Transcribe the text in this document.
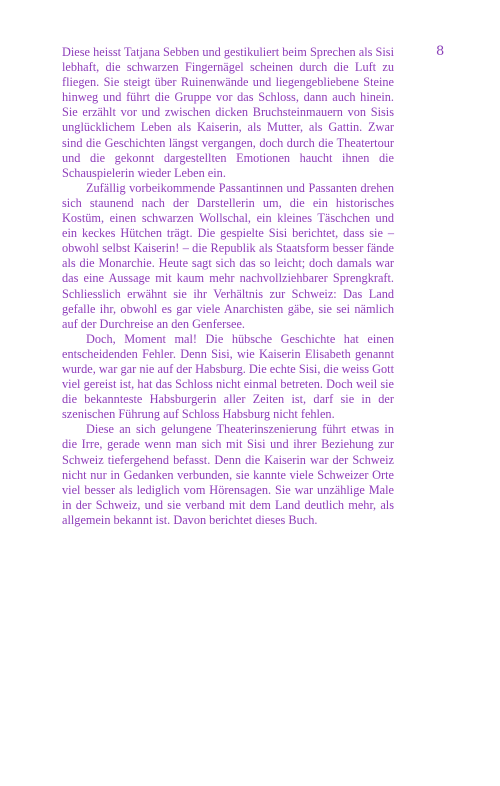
8

Diese heisst Tatjana Sebben und gestikuliert beim Sprechen als Sisi lebhaft, die schwarzen Fingernägel scheinen durch die Luft zu fliegen. Sie steigt über Ruinenwände und liegengebliebene Steine hinweg und führt die Gruppe vor das Schloss, dann auch hinein. Sie erzählt vor und zwischen dicken Bruchsteinmauern von Sisis unglücklichem Leben als Kaiserin, als Mutter, als Gattin. Zwar sind die Geschichten längst vergangen, doch durch die Theatertour und die gekonnt dargestellten Emotionen haucht ihnen die Schauspielerin wieder Leben ein.

Zufällig vorbeikommende Passantinnen und Passanten drehen sich staunend nach der Darstellerin um, die ein historisches Kostüm, einen schwarzen Wollschal, ein kleines Täschchen und ein keckes Hütchen trägt. Die gespielte Sisi berichtet, dass sie – obwohl selbst Kaiserin! – die Republik als Staatsform besser fände als die Monarchie. Heute sagt sich das so leicht; doch damals war das eine Aussage mit kaum mehr nachvollziehbarer Sprengkraft. Schliesslich erwähnt sie ihr Verhältnis zur Schweiz: Das Land gefalle ihr, obwohl es gar viele Anarchisten gäbe, sie sei nämlich auf der Durchreise an den Genfersee.

Doch, Moment mal! Die hübsche Geschichte hat einen entscheidenden Fehler. Denn Sisi, wie Kaiserin Elisabeth genannt wurde, war gar nie auf der Habsburg. Die echte Sisi, die weiss Gott viel gereist ist, hat das Schloss nicht einmal betreten. Doch weil sie die bekannteste Habsburgerin aller Zeiten ist, darf sie in der szenischen Führung auf Schloss Habsburg nicht fehlen.

Diese an sich gelungene Theaterinszenierung führt etwas in die Irre, gerade wenn man sich mit Sisi und ihrer Beziehung zur Schweiz tiefergehend befasst. Denn die Kaiserin war der Schweiz nicht nur in Gedanken verbunden, sie kannte viele Schweizer Orte viel besser als lediglich vom Hörensagen. Sie war unzählige Male in der Schweiz, und sie verband mit dem Land deutlich mehr, als allgemein bekannt ist. Davon berichtet dieses Buch.
